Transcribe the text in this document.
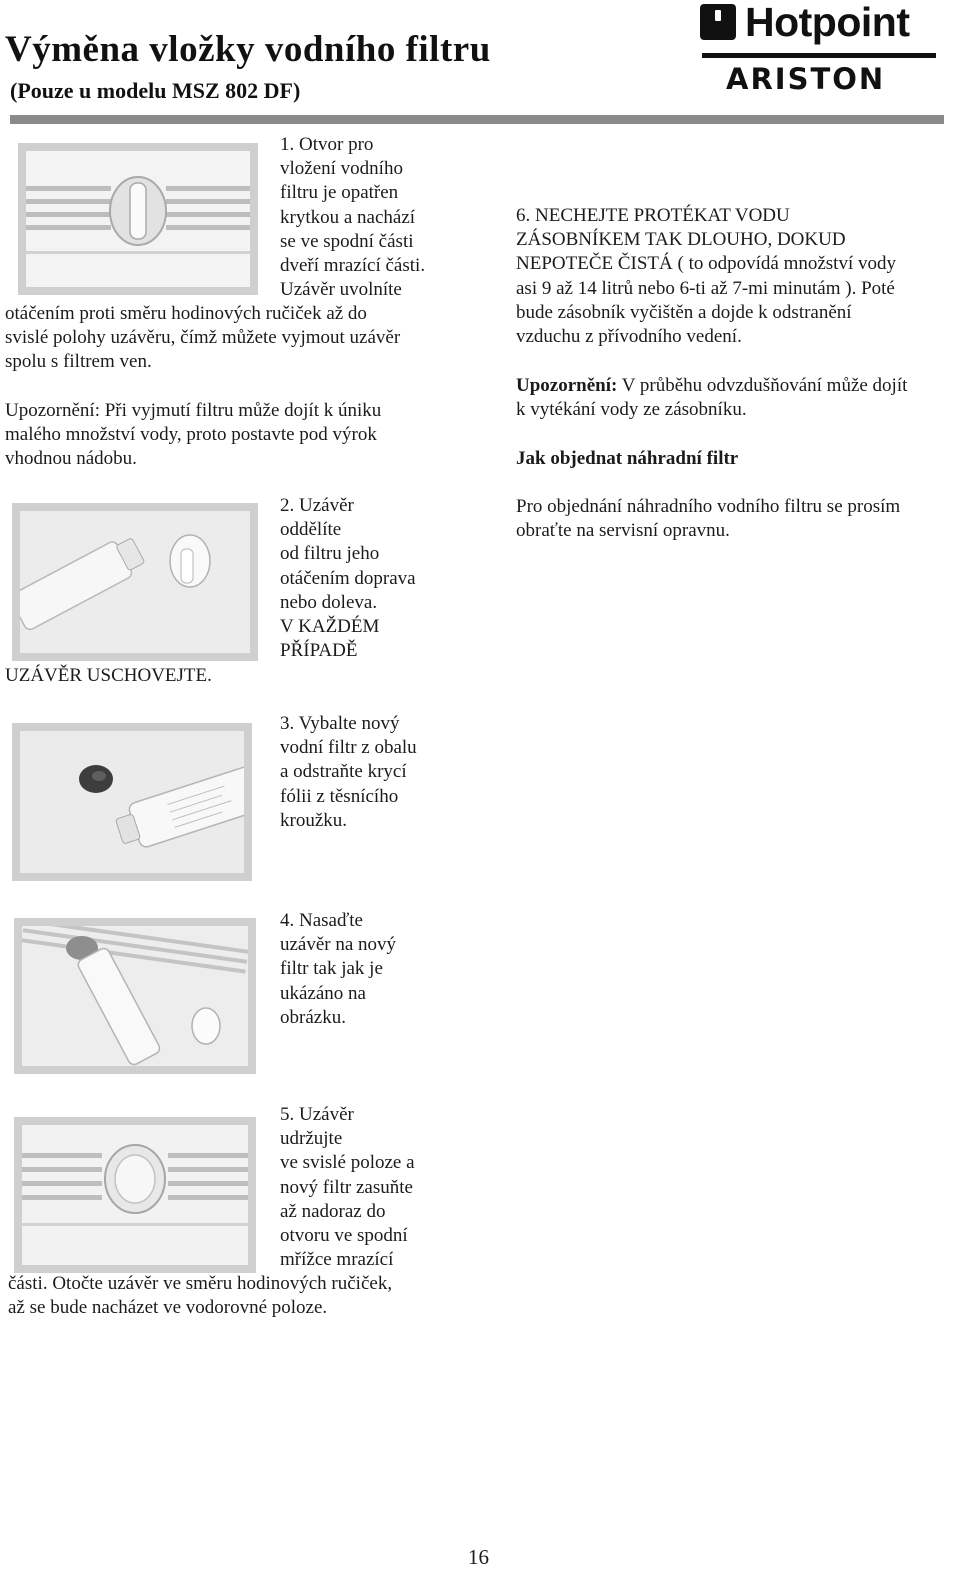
Výměna vložky vodního filtru
(Pouze u modelu MSZ 802 DF)
Hotpoint
ARISTON
1. Otvor pro
vložení vodního
filtru je opatřen
krytkou a nachází
se ve spodní části
dveří mrazící části.
Uzávěr uvolníte
otáčením proti směru hodinových ručiček až do
svislé polohy uzávěru, čímž můžete vyjmout uzávěr
spolu s filtrem ven.
Upozornění: Při vyjmutí filtru může dojít k úniku
malého množství vody, proto postavte pod výrok
vhodnou nádobu.
2. Uzávěr
oddělíte
od filtru jeho
otáčením doprava
nebo doleva.
V KAŽDÉM
PŘÍPADĚ
UZÁVĚR USCHOVEJTE.
3. Vybalte nový
vodní filtr z obalu
a odstraňte krycí
fólii z těsnícího
kroužku.
4. Nasaďte
uzávěr na nový
filtr tak jak je
ukázáno na
obrázku.
5. Uzávěr
udržujte
ve svislé poloze a
nový filtr zasuňte
až nadoraz do
otvoru ve spodní
mřížce mrazící
části. Otočte uzávěr ve směru hodinových ručiček,
až se bude nacházet ve vodorovné poloze.
6. NECHEJTE PROTÉKAT VODU
ZÁSOBNÍKEM TAK DLOUHO, DOKUD
NEPOTEČE ČISTÁ ( to odpovídá množství vody
asi 9 až 14 litrů nebo 6-ti až 7-mi minutám ). Poté
bude zásobník vyčištěn a dojde k odstranění
vzduchu z přívodního vedení.
Upozornění: V průběhu odvzdušňování může dojít
k vytékání vody ze zásobníku.
Jak objednat náhradní filtr
Pro objednání náhradního vodního filtru se prosím
obraťte na servisní opravnu.
16
